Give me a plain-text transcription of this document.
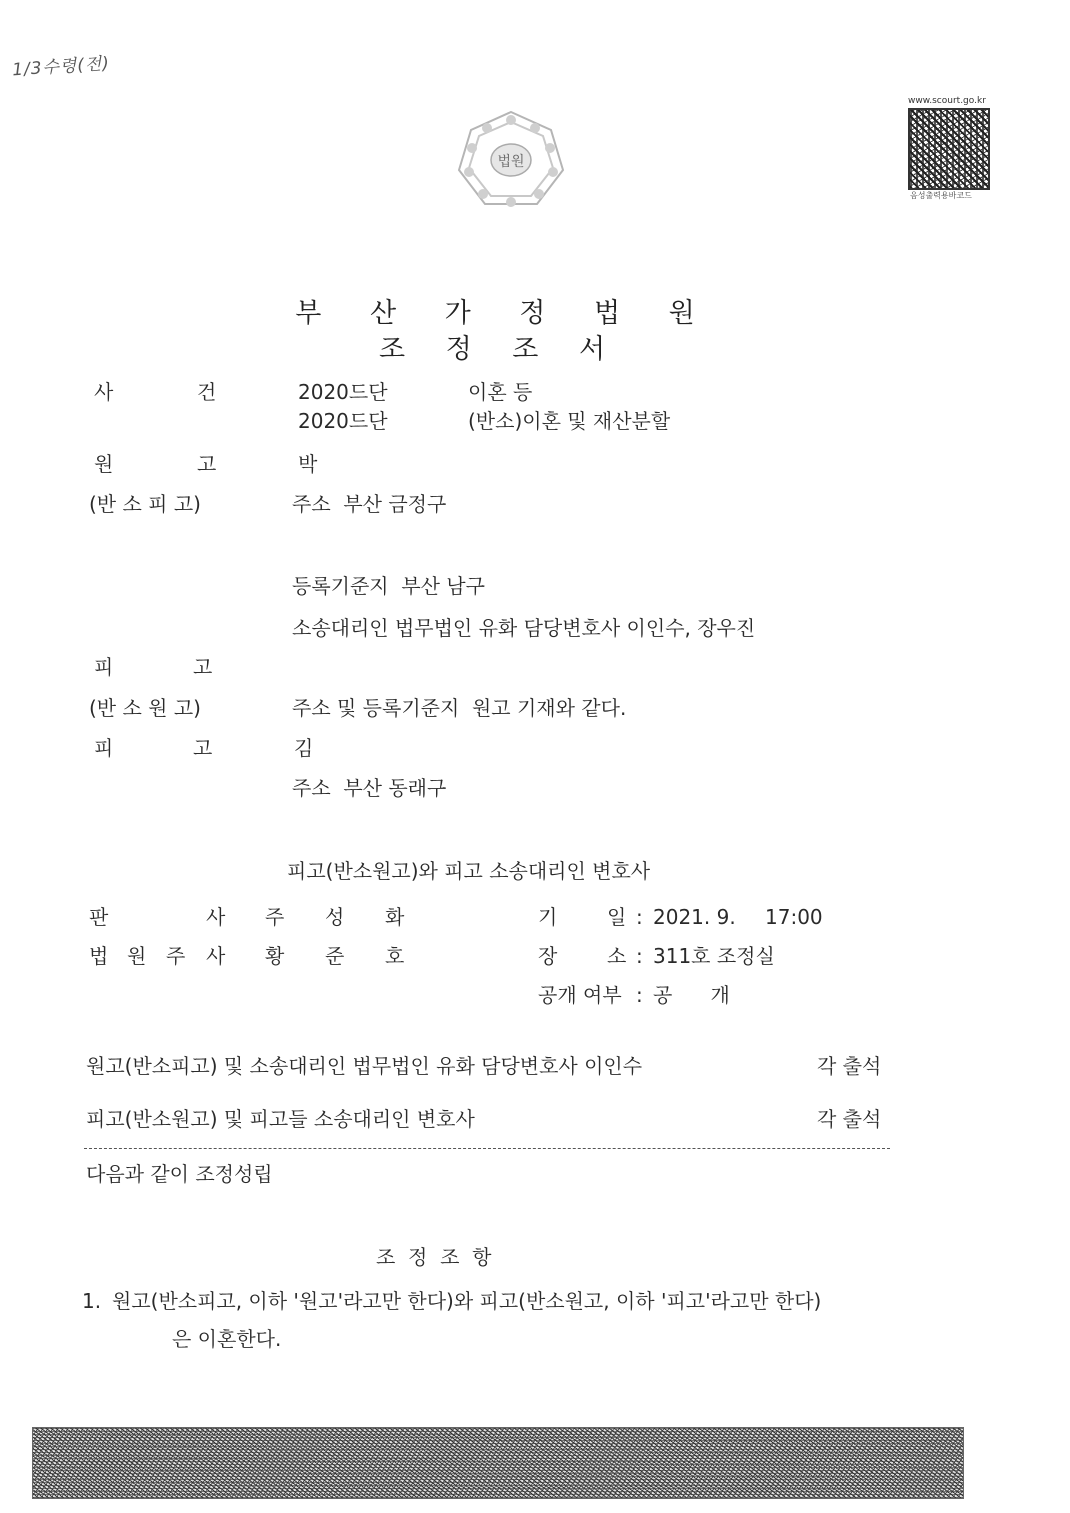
1/3수령(전)
법원
www.scourt.go.kr
음성출력용바코드
부 산 가 정 법 원
조 정 조 서
사	건	2020드단	이혼 등
2020드단	(반소)이혼 및 재산분할
원	고	박
(반 소 피 고)	주소  부산 금정구
등록기준지  부산 남구
소송대리인 법무법인 유화 담당변호사 이인수, 장우진
피	고
(반 소 원 고)	주소 및 등록기준지  원고 기재와 같다.
피	고	김
주소  부산 동래구
피고(반소원고)와 피고 소송대리인 변호사
판	사 주 성 화
법 원 주 사 황 준 호
기 일 : 2021. 9. 17:00
장 소 : 311호 조정실
공개 여부 : 공      개
원고(반소피고) 및 소송대리인 법무법인 유화 담당변호사 이인수	각 출석
피고(반소원고) 및 피고들 소송대리인 변호사	각 출석
다음과 같이 조정성립
조  정  조  항
1. 원고(반소피고, 이하 '원고'라고만 한다)와 피고(반소원고, 이하 '피고'라고만 한다)
은 이혼한다.
